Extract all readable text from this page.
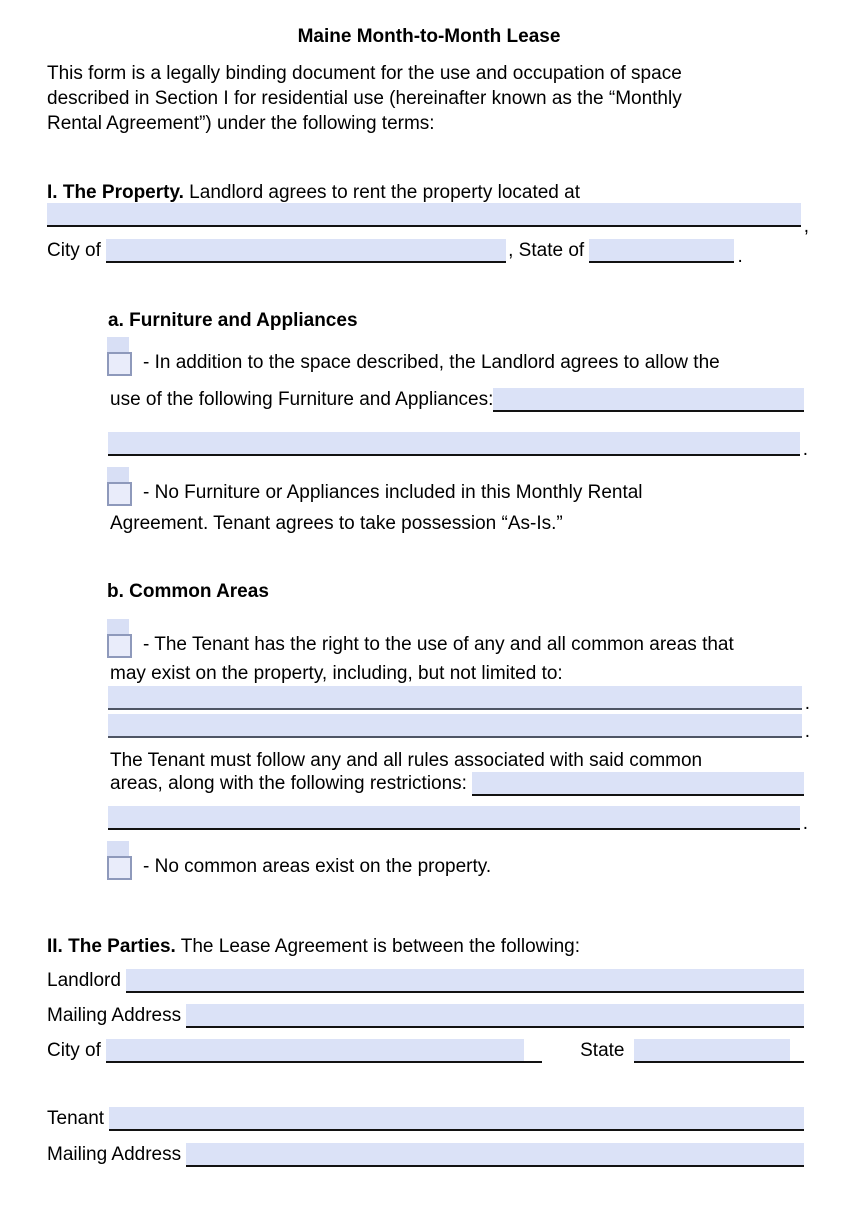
Maine Month-to-Month Lease
This form is a legally binding document for the use and occupation of space
described in Section I for residential use (hereinafter known as the “Monthly
Rental Agreement”) under the following terms:
I. The Property. Landlord agrees to rent the property located at
,
City of	, State of	.
a. Furniture and Appliances
- In addition to the space described, the Landlord agrees to allow the
use of the following Furniture and Appliances:
.
- No Furniture or Appliances included in this Monthly Rental
Agreement. Tenant agrees to take possession “As-Is.”
b. Common Areas
- The Tenant has the right to the use of any and all common areas that
may exist on the property, including, but not limited to:
.
.
The Tenant must follow any and all rules associated with said common
areas, along with the following restrictions:
.
- No common areas exist on the property.
II. The Parties. The Lease Agreement is between the following:
Landlord
Mailing Address
City of	State
Tenant
Mailing Address
